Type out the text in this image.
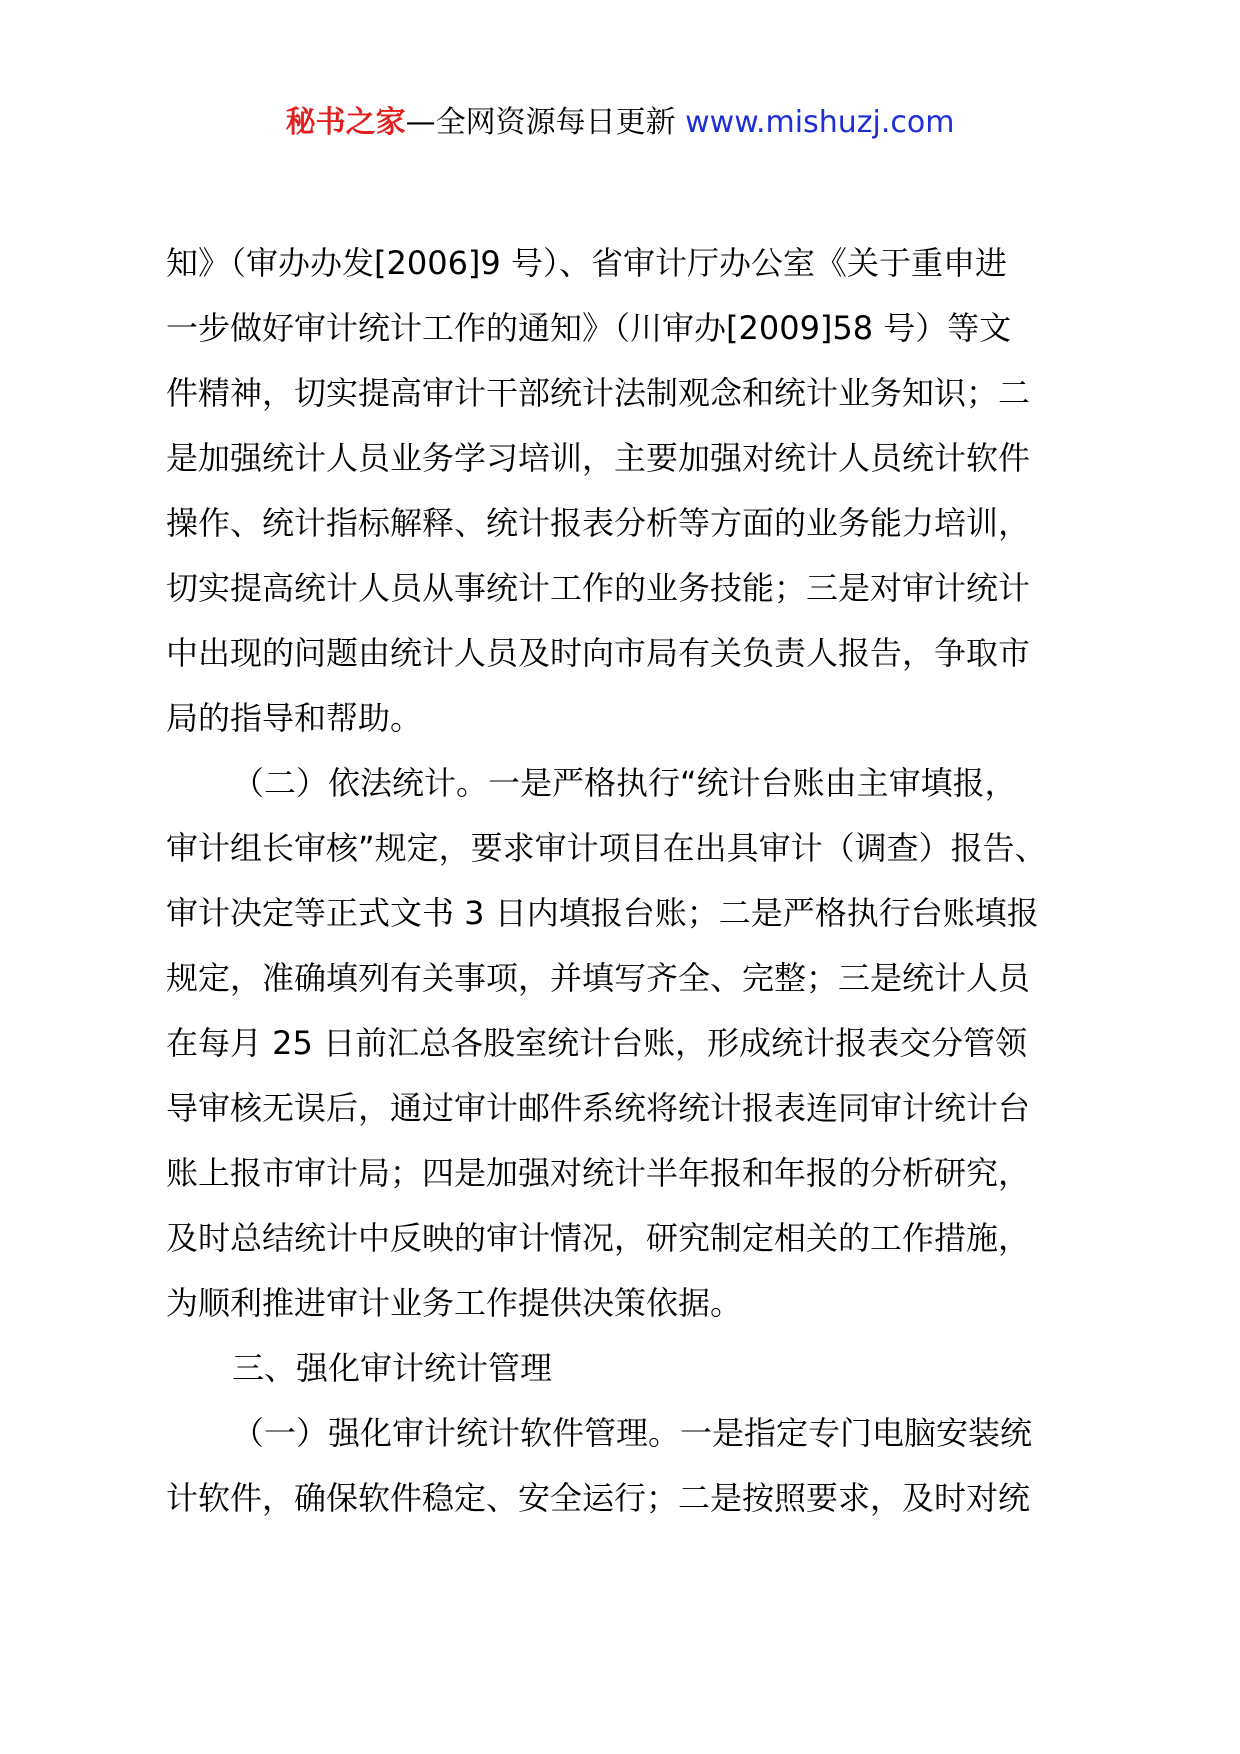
秘书之家—全网资源每日更新 www.mishuzj.com
知》（审办办发[2006]9 号）、省审计厅办公室《关于重申进
一步做好审计统计工作的通知》（川审办[2009]58 号）等文
件精神，切实提高审计干部统计法制观念和统计业务知识；二
是加强统计人员业务学习培训，主要加强对统计人员统计软件
操作、统计指标解释、统计报表分析等方面的业务能力培训，
切实提高统计人员从事统计工作的业务技能；三是对审计统计
中出现的问题由统计人员及时向市局有关负责人报告，争取市
局的指导和帮助。
（二）依法统计。一是严格执行“统计台账由主审填报，
审计组长审核”规定，要求审计项目在出具审计（调查）报告、
审计决定等正式文书 3 日内填报台账；二是严格执行台账填报
规定，准确填列有关事项，并填写齐全、完整；三是统计人员
在每月 25 日前汇总各股室统计台账，形成统计报表交分管领
导审核无误后，通过审计邮件系统将统计报表连同审计统计台
账上报市审计局；四是加强对统计半年报和年报的分析研究，
及时总结统计中反映的审计情况，研究制定相关的工作措施，
为顺利推进审计业务工作提供决策依据。
三、强化审计统计管理
（一）强化审计统计软件管理。一是指定专门电脑安装统
计软件，确保软件稳定、安全运行；二是按照要求，及时对统
